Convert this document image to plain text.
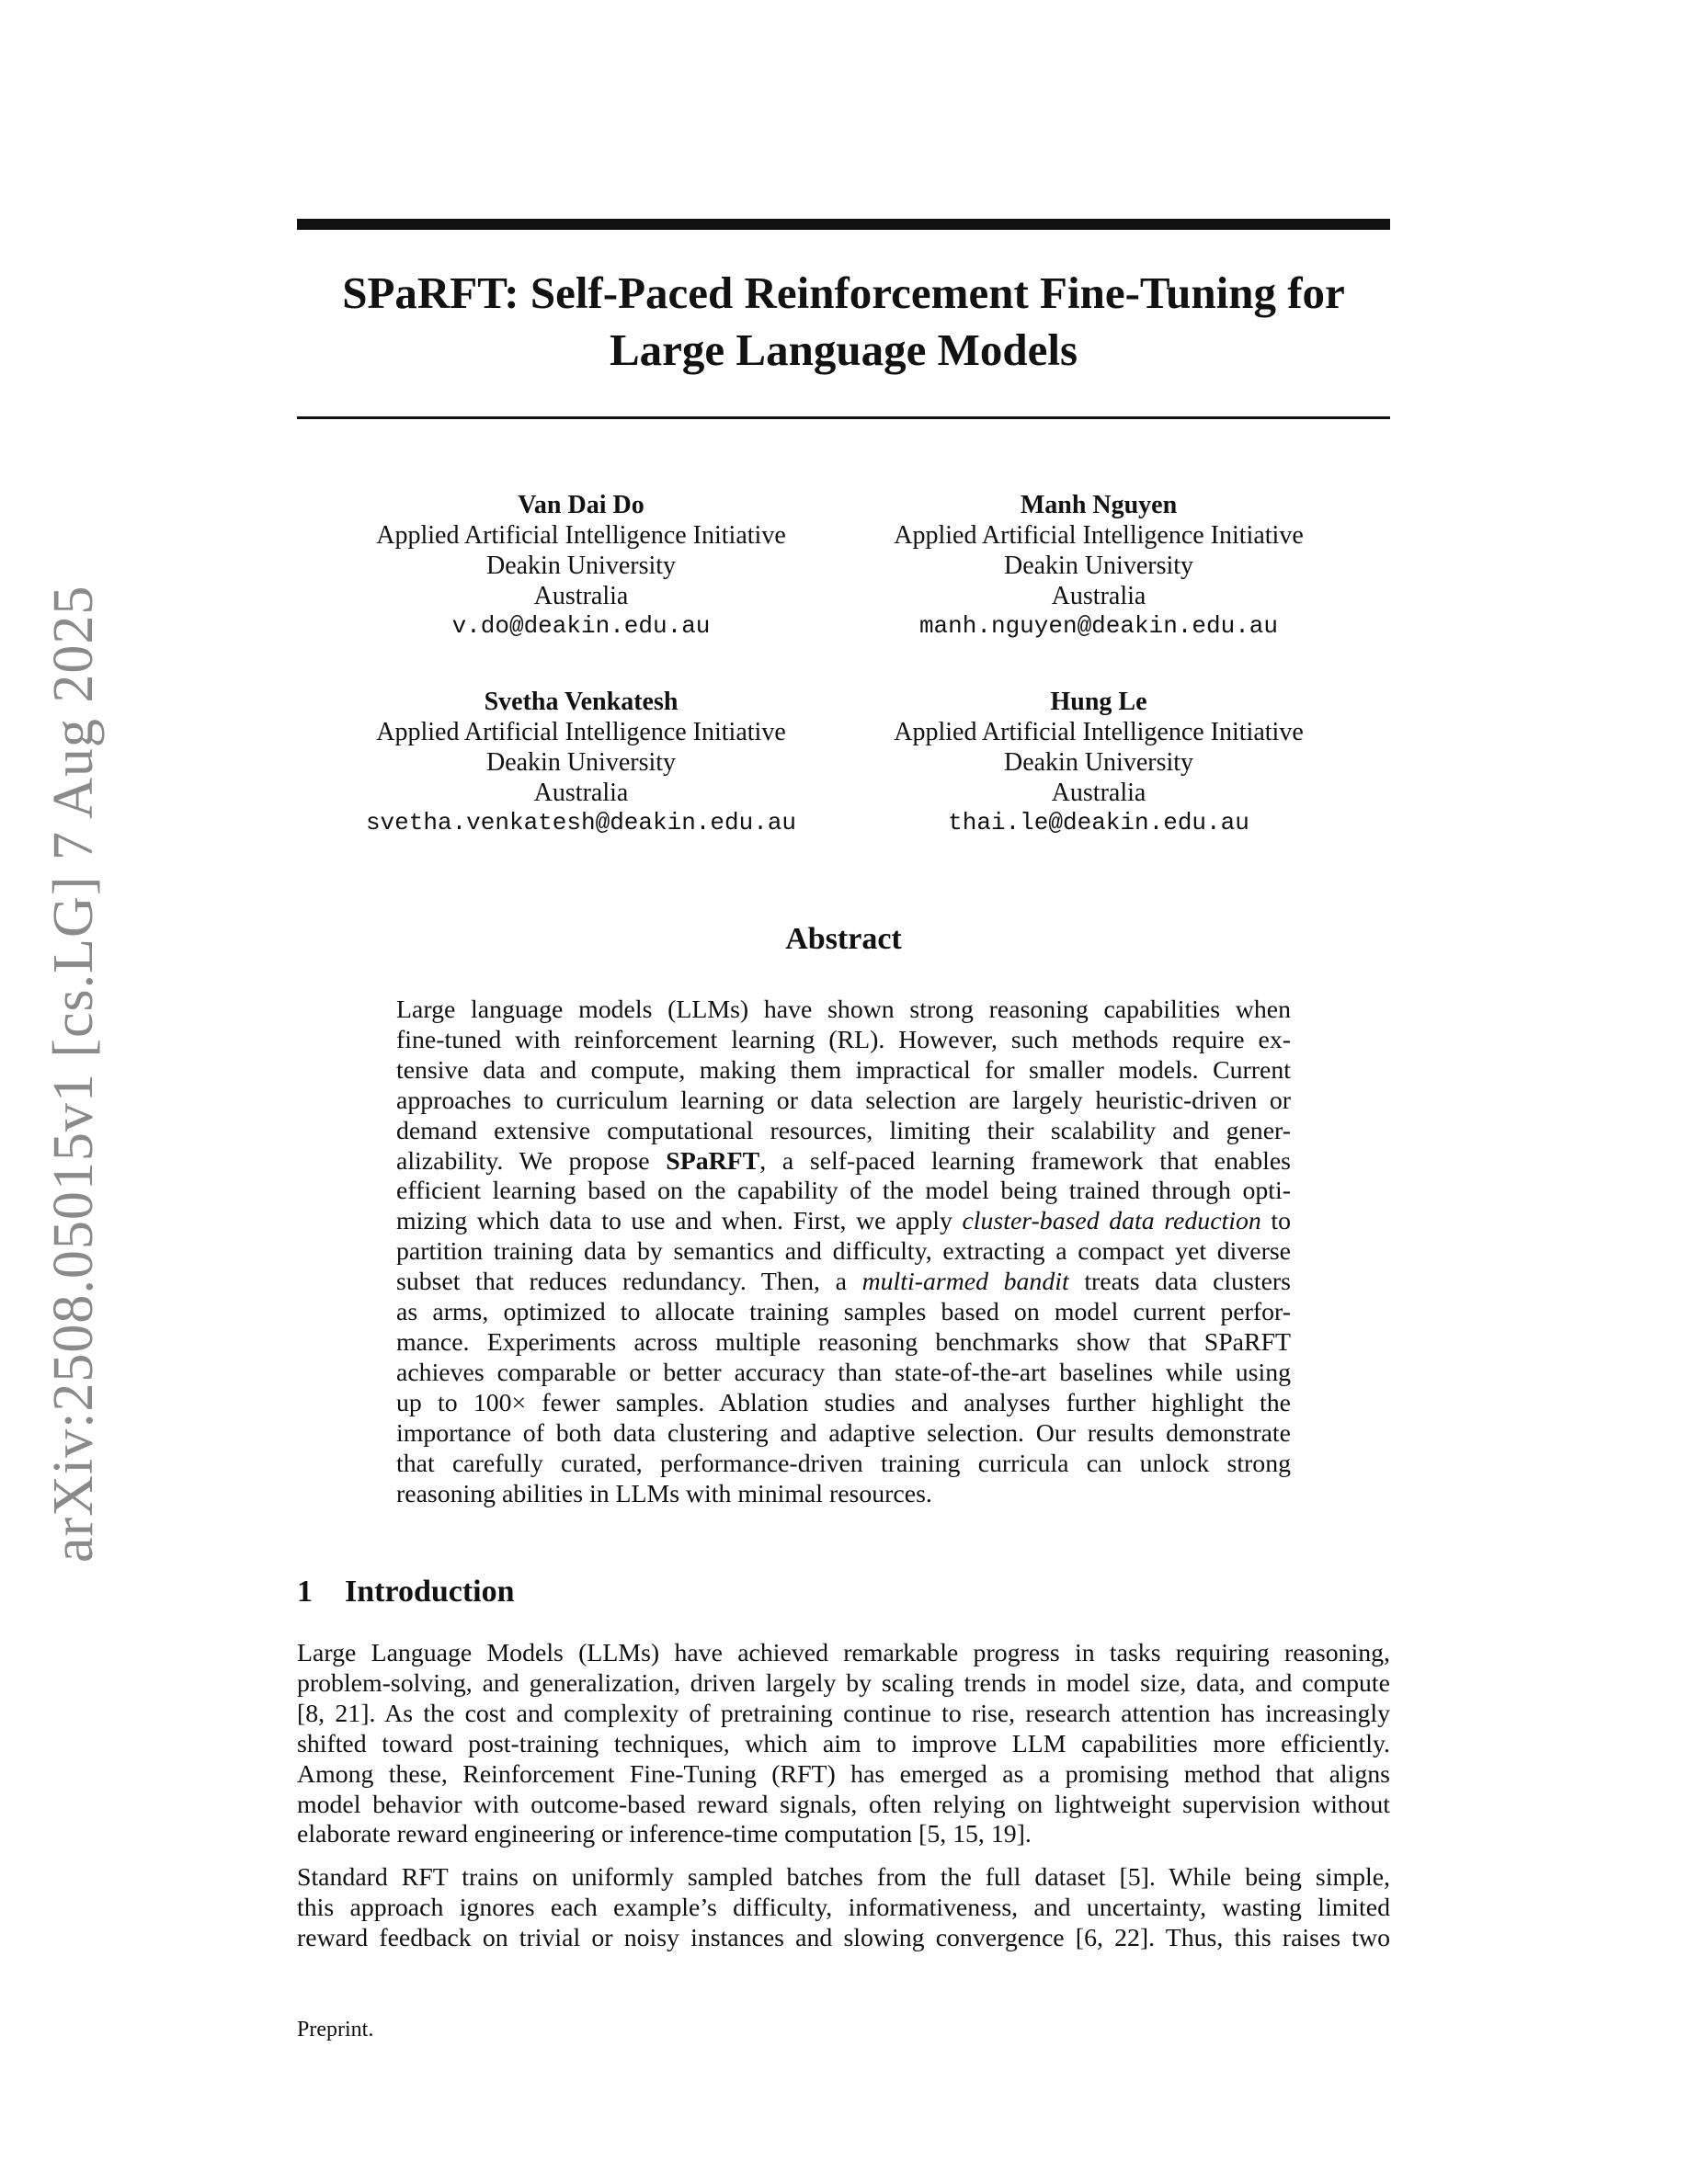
arXiv:2508.05015v1 [cs.LG] 7 Aug 2025
SPaRFT: Self-Paced Reinforcement Fine-Tuning for
Large Language Models
Van Dai Do
Applied Artificial Intelligence Initiative
Deakin University
Australia
v.do@deakin.edu.au
Manh Nguyen
Applied Artificial Intelligence Initiative
Deakin University
Australia
manh.nguyen@deakin.edu.au
Svetha Venkatesh
Applied Artificial Intelligence Initiative
Deakin University
Australia
svetha.venkatesh@deakin.edu.au
Hung Le
Applied Artificial Intelligence Initiative
Deakin University
Australia
thai.le@deakin.edu.au
Abstract
Large language models (LLMs) have shown strong reasoning capabilities when
fine-tuned with reinforcement learning (RL). However, such methods require ex-
tensive data and compute, making them impractical for smaller models. Current
approaches to curriculum learning or data selection are largely heuristic-driven or
demand extensive computational resources, limiting their scalability and gener-
alizability. We propose SPaRFT, a self-paced learning framework that enables
efficient learning based on the capability of the model being trained through opti-
mizing which data to use and when. First, we apply cluster-based data reduction to
partition training data by semantics and difficulty, extracting a compact yet diverse
subset that reduces redundancy. Then, a multi-armed bandit treats data clusters
as arms, optimized to allocate training samples based on model current perfor-
mance. Experiments across multiple reasoning benchmarks show that SPaRFT
achieves comparable or better accuracy than state-of-the-art baselines while using
up to 100× fewer samples. Ablation studies and analyses further highlight the
importance of both data clustering and adaptive selection. Our results demonstrate
that carefully curated, performance-driven training curricula can unlock strong
reasoning abilities in LLMs with minimal resources.
1 Introduction
Large Language Models (LLMs) have achieved remarkable progress in tasks requiring reasoning,
problem-solving, and generalization, driven largely by scaling trends in model size, data, and compute
[8, 21]. As the cost and complexity of pretraining continue to rise, research attention has increasingly
shifted toward post-training techniques, which aim to improve LLM capabilities more efficiently.
Among these, Reinforcement Fine-Tuning (RFT) has emerged as a promising method that aligns
model behavior with outcome-based reward signals, often relying on lightweight supervision without
elaborate reward engineering or inference-time computation [5, 15, 19].
Standard RFT trains on uniformly sampled batches from the full dataset [5]. While being simple,
this approach ignores each example’s difficulty, informativeness, and uncertainty, wasting limited
reward feedback on trivial or noisy instances and slowing convergence [6, 22]. Thus, this raises two
Preprint.
